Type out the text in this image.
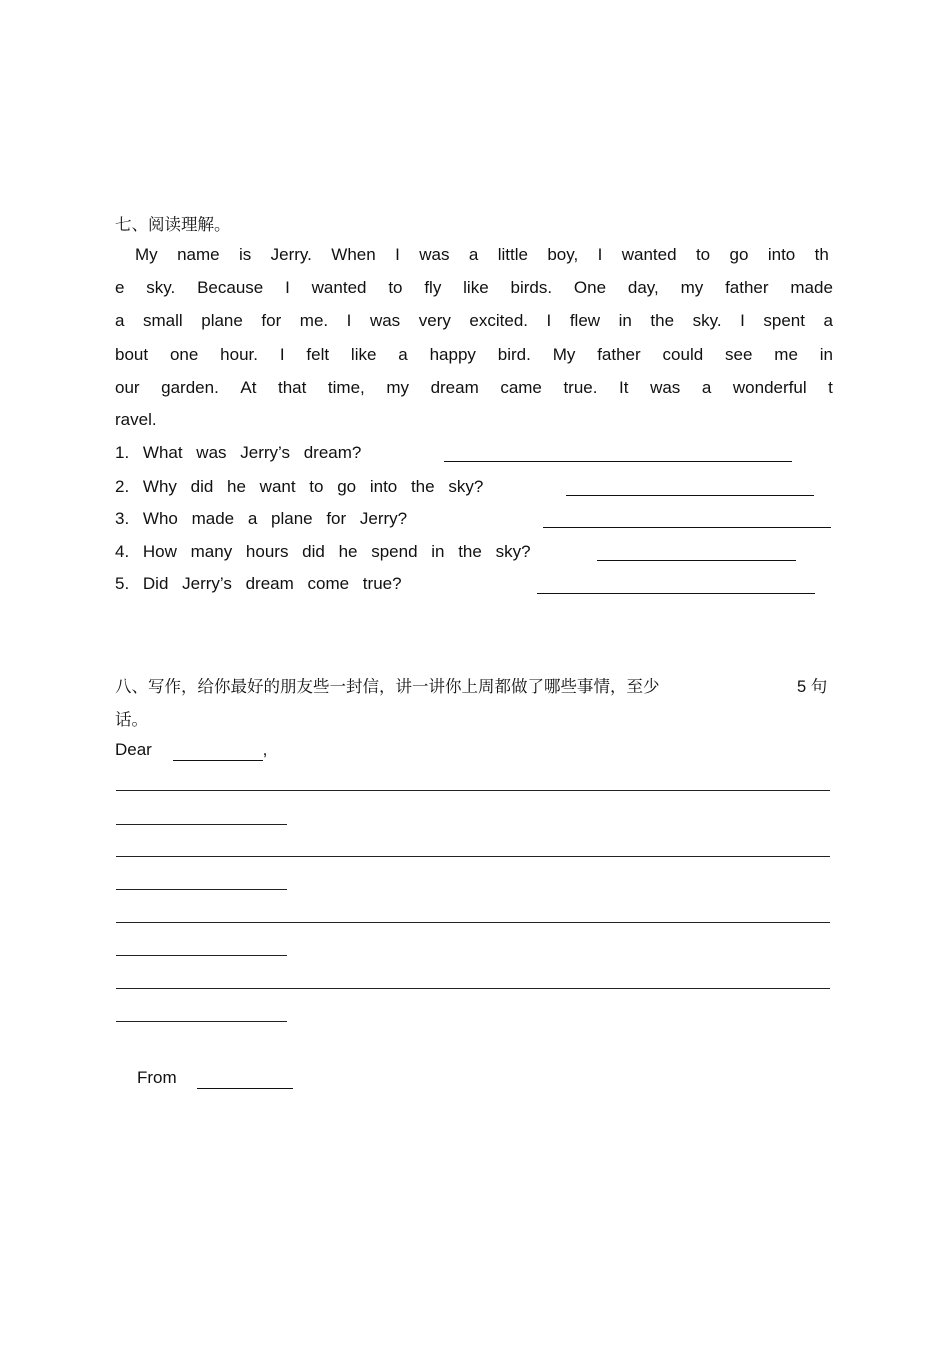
七、阅读理解。
My name is Jerry. When I was a little boy, I wanted to go into th
e sky. Because I wanted to fly like birds. One day, my father made
a small plane for me. I was very excited. I flew in the sky. I spent a
bout one hour. I felt like a happy bird. My father could see me in
our garden. At that time, my dream came true. It was a wonderful t
ravel.
1. What was Jerry’s dream?
2. Why did he want to go into the sky?
3. Who made a plane for Jerry?
4. How many hours did he spend in the sky?
5. Did Jerry’s dream come true?
八、写作，给你最好的朋友些一封信，讲一讲你上周都做了哪些事情，至少	5 句
话。
Dear	,
From
